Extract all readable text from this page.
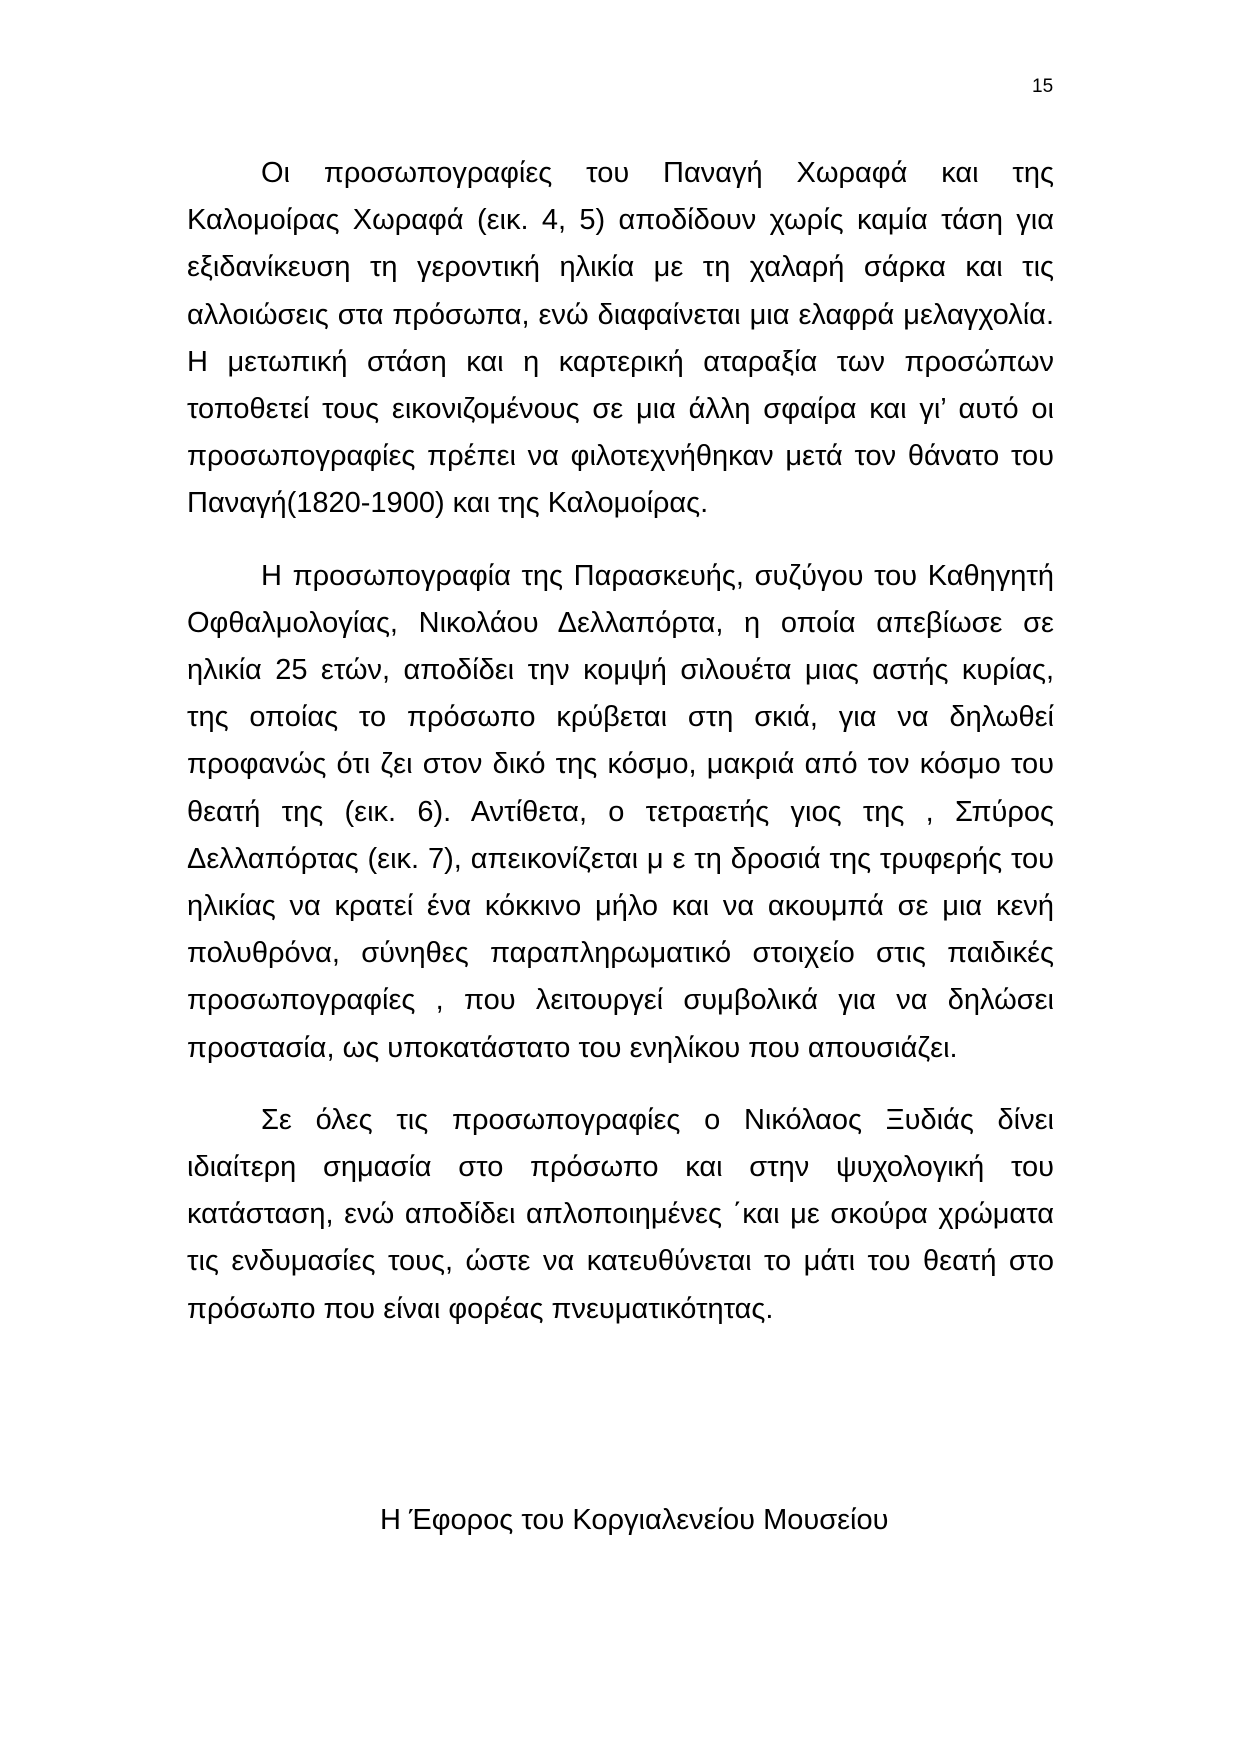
15

Οι προσωπογραφίες του Παναγή Χωραφά και της Καλομοίρας Χωραφά (εικ. 4, 5) αποδίδουν χωρίς καμία τάση για εξιδανίκευση τη γεροντική ηλικία με τη χαλαρή σάρκα και τις αλλοιώσεις στα πρόσωπα, ενώ διαφαίνεται μια ελαφρά μελαγχολία. Η μετωπική στάση και η καρτερική αταραξία των προσώπων τοποθετεί τους εικονιζομένους σε μια άλλη σφαίρα και γι’ αυτό οι προσωπογραφίες πρέπει να φιλοτεχνήθηκαν μετά τον θάνατο του Παναγή(1820-1900) και της Καλομοίρας.

Η προσωπογραφία της Παρασκευής, συζύγου του Καθηγητή Οφθαλμολογίας, Νικολάου Δελλαπόρτα, η οποία απεβίωσε σε ηλικία 25 ετών, αποδίδει την κομψή σιλουέτα μιας αστής κυρίας, της οποίας το πρόσωπο κρύβεται στη σκιά, για να δηλωθεί προφανώς ότι ζει στον δικό της κόσμο, μακριά από τον κόσμο του θεατή της (εικ. 6). Αντίθετα, ο τετραετής γιος της , Σπύρος Δελλαπόρτας (εικ. 7), απεικονίζεται μ ε τη δροσιά της τρυφερής του ηλικίας να κρατεί ένα κόκκινο μήλο και να ακουμπά σε μια κενή πολυθρόνα, σύνηθες παραπληρωματικό στοιχείο στις παιδικές προσωπογραφίες , που λειτουργεί συμβολικά για να δηλώσει προστασία, ως υποκατάστατο του ενηλίκου που απουσιάζει.

Σε όλες τις προσωπογραφίες ο Νικόλαος Ξυδιάς δίνει ιδιαίτερη σημασία στο πρόσωπο και στην ψυχολογική του κατάσταση, ενώ αποδίδει απλοποιημένες ΄και με σκούρα χρώματα τις ενδυμασίες τους, ώστε να κατευθύνεται το μάτι του θεατή στο πρόσωπο που είναι φορέας πνευματικότητας.

Η Έφορος του Κοργιαλενείου Μουσείου
